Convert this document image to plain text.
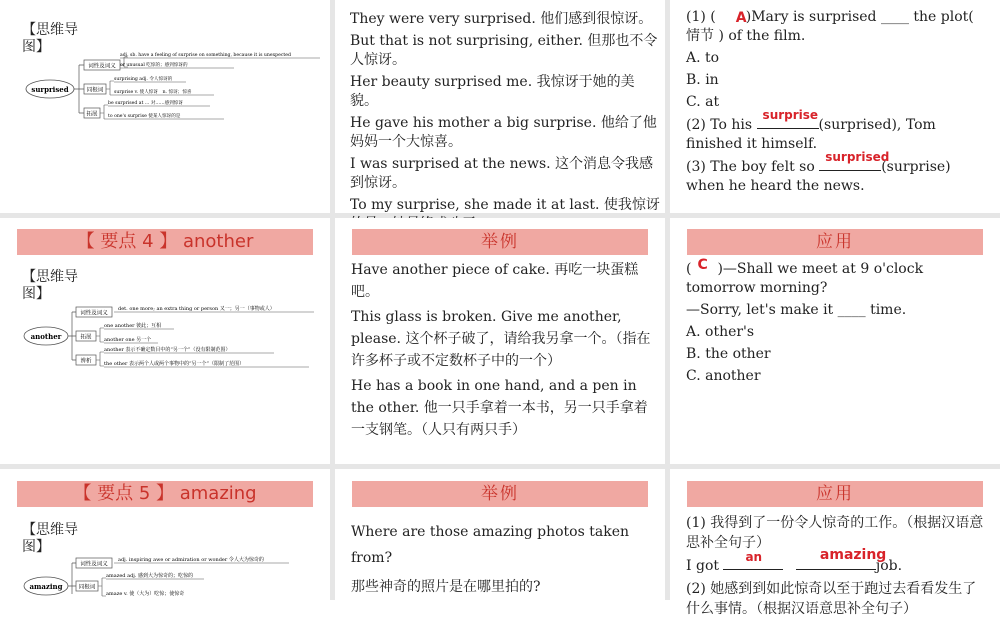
【思维导图】
surprised
词性及词义
同根词
拓展
adj. sb. have a feeling of surprise on something, because it is unexpected
or unusual 吃惊的；感到惊讶的
surprising adj. 令人惊讶的
surprise v. 使人惊讶　n. 惊讶；惊喜
be surprised at … 对……感到惊讶
to one's surprise 使某人惊讶的是

They were very surprised. 他们感到很惊讶。

But that is not surprising, either. 但那也不令人惊讶。

Her beauty surprised me. 我惊讶于她的美貌。

He gave his mother a big surprise. 他给了他妈妈一个大惊喜。

I was surprised at the news. 这个消息令我感到惊讶。

To my surprise, she made it at last. 使我惊讶

(1) ( A )Mary is surprised ____ the plot( 情节 ) of the film.

A. to

B. in

C. at

(2) To his
surprise
(surprised), Tom finished it himself.

(3) The boy felt so
surprised
(surprise) when he heard the news.

【 要点 4 】 another
【思维导图】
another
词性及词义
拓展
辨析
det. one more; an extra thing or person 又一；另一（事物或人）
one another 彼此；互相
another one 另一个
another 表示不确定数目中的“另一个”（没有限制范围）
the other 表示两个人或两个事物中的“另一个”（限制了范围）
举例

Have another piece of cake. 再吃一块蛋糕吧。

This glass is broken. Give me another, please. 这个杯子破了，请给我另拿一个。（指在许多杯子或不定数杯子中的一个）

He has a book in one hand, and a pen in the other. 他一只手拿着一本书，另一只手拿着一支钢笔。（人只有两只手）

应用

( C )—Shall we meet at 9 o'clock tomorrow morning?

—Sorry, let's make it ____ time.

A. other's

B. the other

C. another

【 要点 5 】 amazing
【思维导图】
amazing
词性及词义
同根词
adj. inspiring awe or admiration or wonder 令人大为惊奇的
amazed adj. 感到大为惊奇的；吃惊的
amaze v. 使（大为）吃惊；使惊奇
举例

Where are those amazing photos taken from?

那些神奇的照片是在哪里拍的?

应用

(1) 我得到了一份令人惊奇的工作。（根据汉语意思补全句子）

I got
an
	amazing
job.

(2) 她感到到如此惊奇以至于跑过去看看发生了什么事情。（根据汉语意思补全句子）
